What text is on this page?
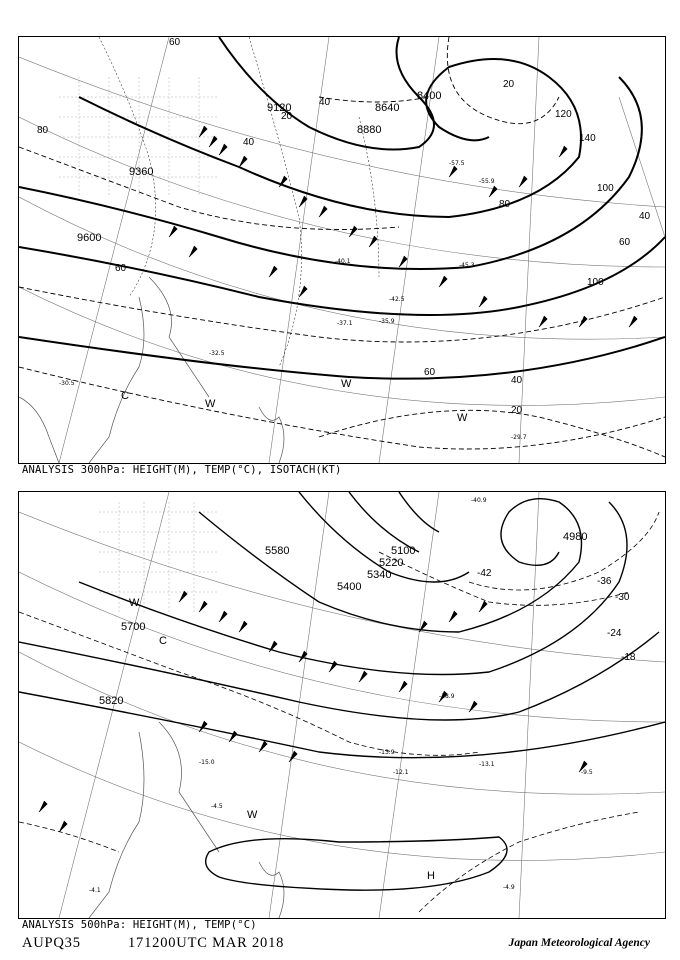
9600
9360
9120	8640
8400
8880
80
60
40
20
40
60
80
100
120
140
100
60
40
20
60
40
20
C
W
W
W
-45.3
-42.5
-40.1
-37.1
-29.7
-55.9
-57.5
-35.9
-32.5
-30.5
ANALYSIS 300hPa: HEIGHT(M), TEMP(°C), ISOTACH(KT)
5820
5700
5580
5400
5340
5220
5100
4980
-42
-36
-30
-24
-18
W
W
H
C
-13.9
-12.1
-13.1
-9.5
-4.9
-4.1
-4.5
-15.0
-18.9
-40.9
ANALYSIS 500hPa: HEIGHT(M), TEMP(°C)
AUPQ35	171200UTC MAR 2018	Japan Meteorological Agency
